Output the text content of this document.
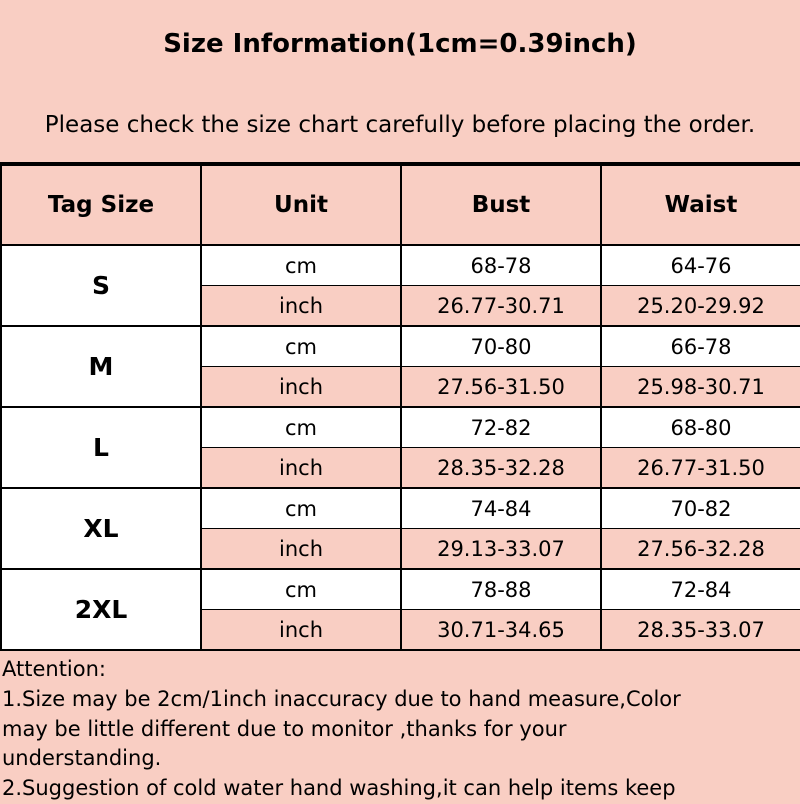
Size Information(1cm=0.39inch)
Please check the size chart carefully before placing the order.
Tag Size	Unit	Bust	Waist
S	cm	68-78	64-76
	inch	26.77-30.71	25.20-29.92
M	cm	70-80	66-78
	inch	27.56-31.50	25.98-30.71
L	cm	72-82	68-80
	inch	28.35-32.28	26.77-31.50
XL	cm	74-84	70-82
	inch	29.13-33.07	27.56-32.28
2XL	cm	78-88	72-84
	inch	30.71-34.65	28.35-33.07
Attention:
1.Size may be 2cm/1inch inaccuracy due to hand measure,Color
may be little different due to monitor ,thanks for your
understanding.
2.Suggestion of cold water hand washing,it can help items keep
